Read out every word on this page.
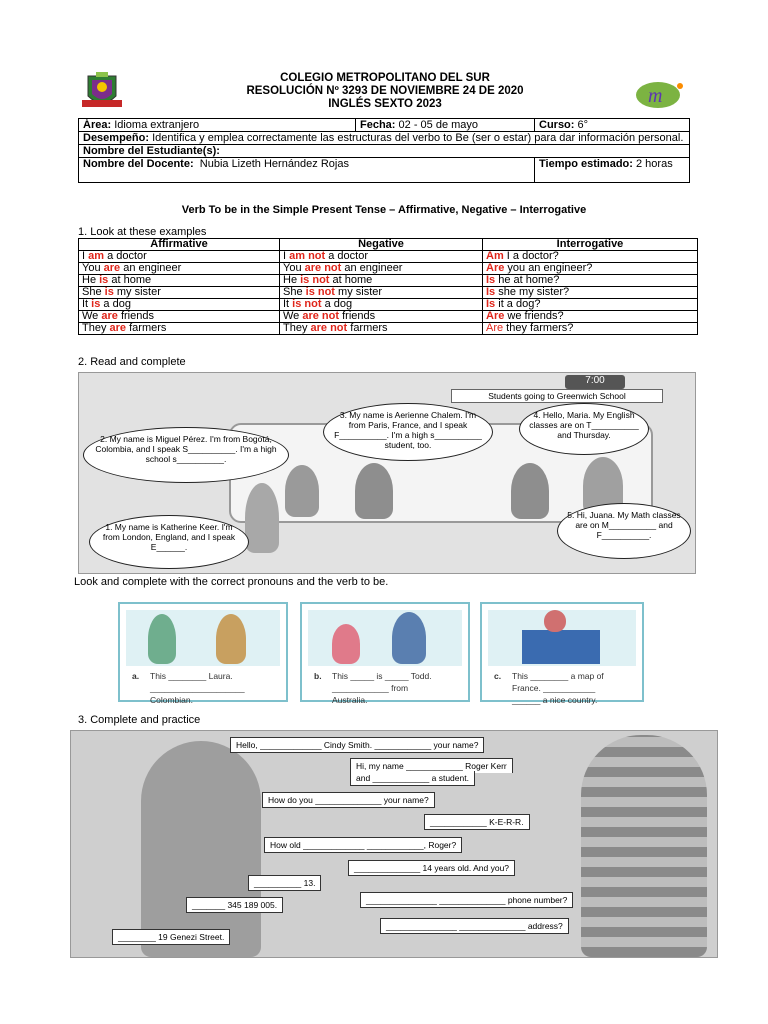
m
COLEGIO METROPOLITANO DEL SUR
RESOLUCIÓN Nº 3293 DE NOVIEMBRE 24 DE 2020
INGLÉS SEXTO 2023
Área: Idioma extranjero	Fecha: 02 - 05 de mayo	Curso: 6°
Desempeño: Identifica y emplea correctamente las estructuras del verbo to Be (ser o estar) para dar información personal.		
Nombre del Estudiante(s):		
Nombre del Docente: Nubia Lizeth Hernández Rojas		Tiempo estimado: 2 horas
Verb To be in the Simple Present Tense – Affirmative, Negative – Interrogative
1. Look at these examples
Affirmative	Negative	Interrogative
I am a doctor	I am not a doctor	Am I a doctor?
You are an engineer	You are not an engineer	Are you an engineer?
He is at home	He is not at home	Is he at home?
She is my sister	She is not my sister	Is she my sister?
It is a dog	It is not a dog	Is it a dog?
We are friends	We are not friends	Are we friends?
They are farmers	They are not farmers	Are they farmers?
2. Read and complete
7:00
Students going to Greenwich School
1. My name is Katherine Keer. I'm from London, England, and I speak E______.
2. My name is Miguel Pérez. I'm from Bogotá, Colombia, and I speak S__________. I'm a high school s__________.
3. My name is Aerienne Chalem. I'm from Paris, France, and I speak F__________. I'm a high s__________ student, too.
4. Hello, Maria. My English classes are on T__________ and Thursday.
5. Hi, Juana. My Math classes are on M__________ and F__________.
Look and complete with the correct pronouns and the verb to be.
a. This ________ Laura.
____________________
Colombian.
b. This _____ is _____ Todd.
____________ from
Australia.
c. This ________ a map of
France. ___________
______ a nice country.
3. Complete and practice
Hello, _____________ Cindy Smith. ____________ your name?
Hi, my name ____________ Roger Kerr
and ____________ a student.
How do you ______________ your name?
____________ K-E-R-R.
How old _____________ ____________, Roger?
______________ 14 years old. And you?
__________ 13.
_______________ ______________ phone number?
_______ 345 189 005.
_______________ ______________ address?
________ 19 Genezi Street.
